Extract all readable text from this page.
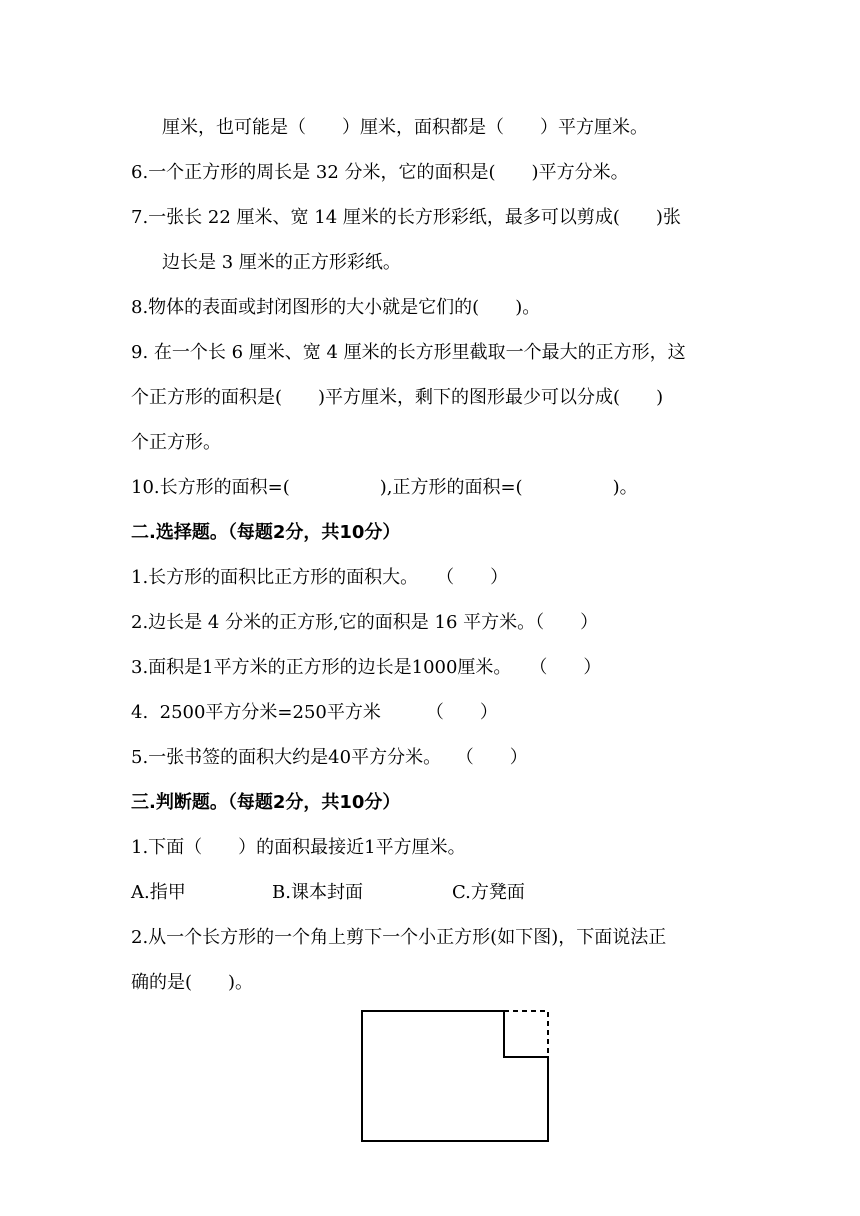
厘米，也可能是（　　）厘米，面积都是（　　）平方厘米。
6.一个正方形的周长是 32 分米，它的面积是(　　)平方分米。
7.一张长 22 厘米、宽 14 厘米的长方形彩纸，最多可以剪成(　　)张
边长是 3 厘米的正方形彩纸。
8.物体的表面或封闭图形的大小就是它们的(　　)。
9. 在一个长 6 厘米、宽 4 厘米的长方形里截取一个最大的正方形，这
个正方形的面积是(　　)平方厘米，剩下的图形最少可以分成(　　)
个正方形。
10.长方形的面积=(　　　　　),正方形的面积=(　　　　　)。
二.选择题。（每题2分，共10分）
1.长方形的面积比正方形的面积大。　　（　　）
2.边长是 4 分米的正方形,它的面积是 16 平方米。（　　）
3.面积是1平方米的正方形的边长是1000厘米。　　（　　）
4.  2500平方分米=250平方米　　　（　　）
5.一张书签的面积大约是40平方分米。　 （　　）
三.判断题。（每题2分，共10分）
1.下面（　　）的面积最接近1平方厘米。
A.指甲	B.课本封面	C.方凳面
2.从一个长方形的一个角上剪下一个小正方形(如下图)，下面说法正
确的是(　　)。
